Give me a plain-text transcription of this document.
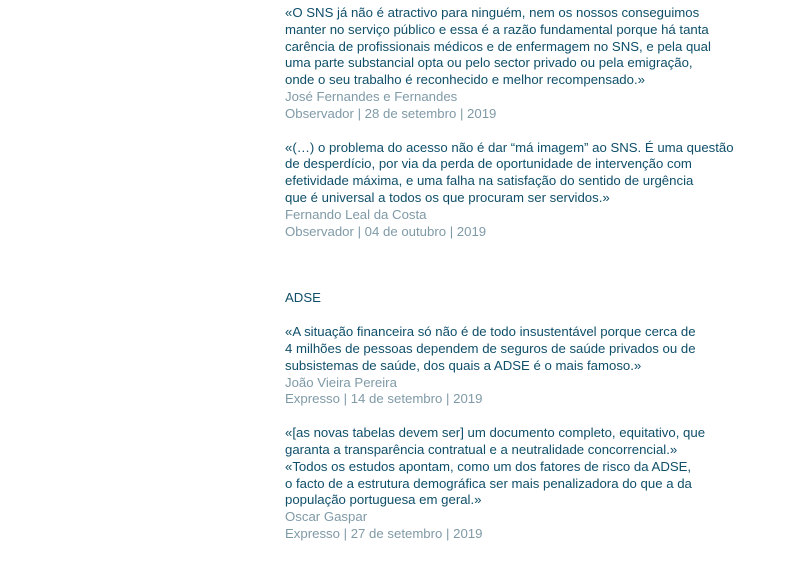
«O SNS já não é atractivo para ninguém, nem os nossos conseguimos
manter no serviço público e essa é a razão fundamental porque há tanta
carência de profissionais médicos e de enfermagem no SNS, e pela qual
uma parte substancial opta ou pelo sector privado ou pela emigração,
onde o seu trabalho é reconhecido e melhor recompensado.»

José Fernandes e Fernandes

Observador | 28 de setembro | 2019

«(…) o problema do acesso não é dar “má imagem” ao SNS. É uma questão
de desperdício, por via da perda de oportunidade de intervenção com
efetividade máxima, e uma falha na satisfação do sentido de urgência
que é universal a todos os que procuram ser servidos.»

Fernando Leal da Costa

Observador | 04 de outubro | 2019

ADSE

«A situação financeira só não é de todo insustentável porque cerca de
4 milhões de pessoas dependem de seguros de saúde privados ou de
subsistemas de saúde, dos quais a ADSE é o mais famoso.»

João Vieira Pereira

Expresso | 14 de setembro | 2019

«[as novas tabelas devem ser] um documento completo, equitativo, que
garanta a transparência contratual e a neutralidade concorrencial.»
«Todos os estudos apontam, como um dos fatores de risco da ADSE,
o facto de a estrutura demográfica ser mais penalizadora do que a da
população portuguesa em geral.»

Oscar Gaspar

Expresso | 27 de setembro | 2019
